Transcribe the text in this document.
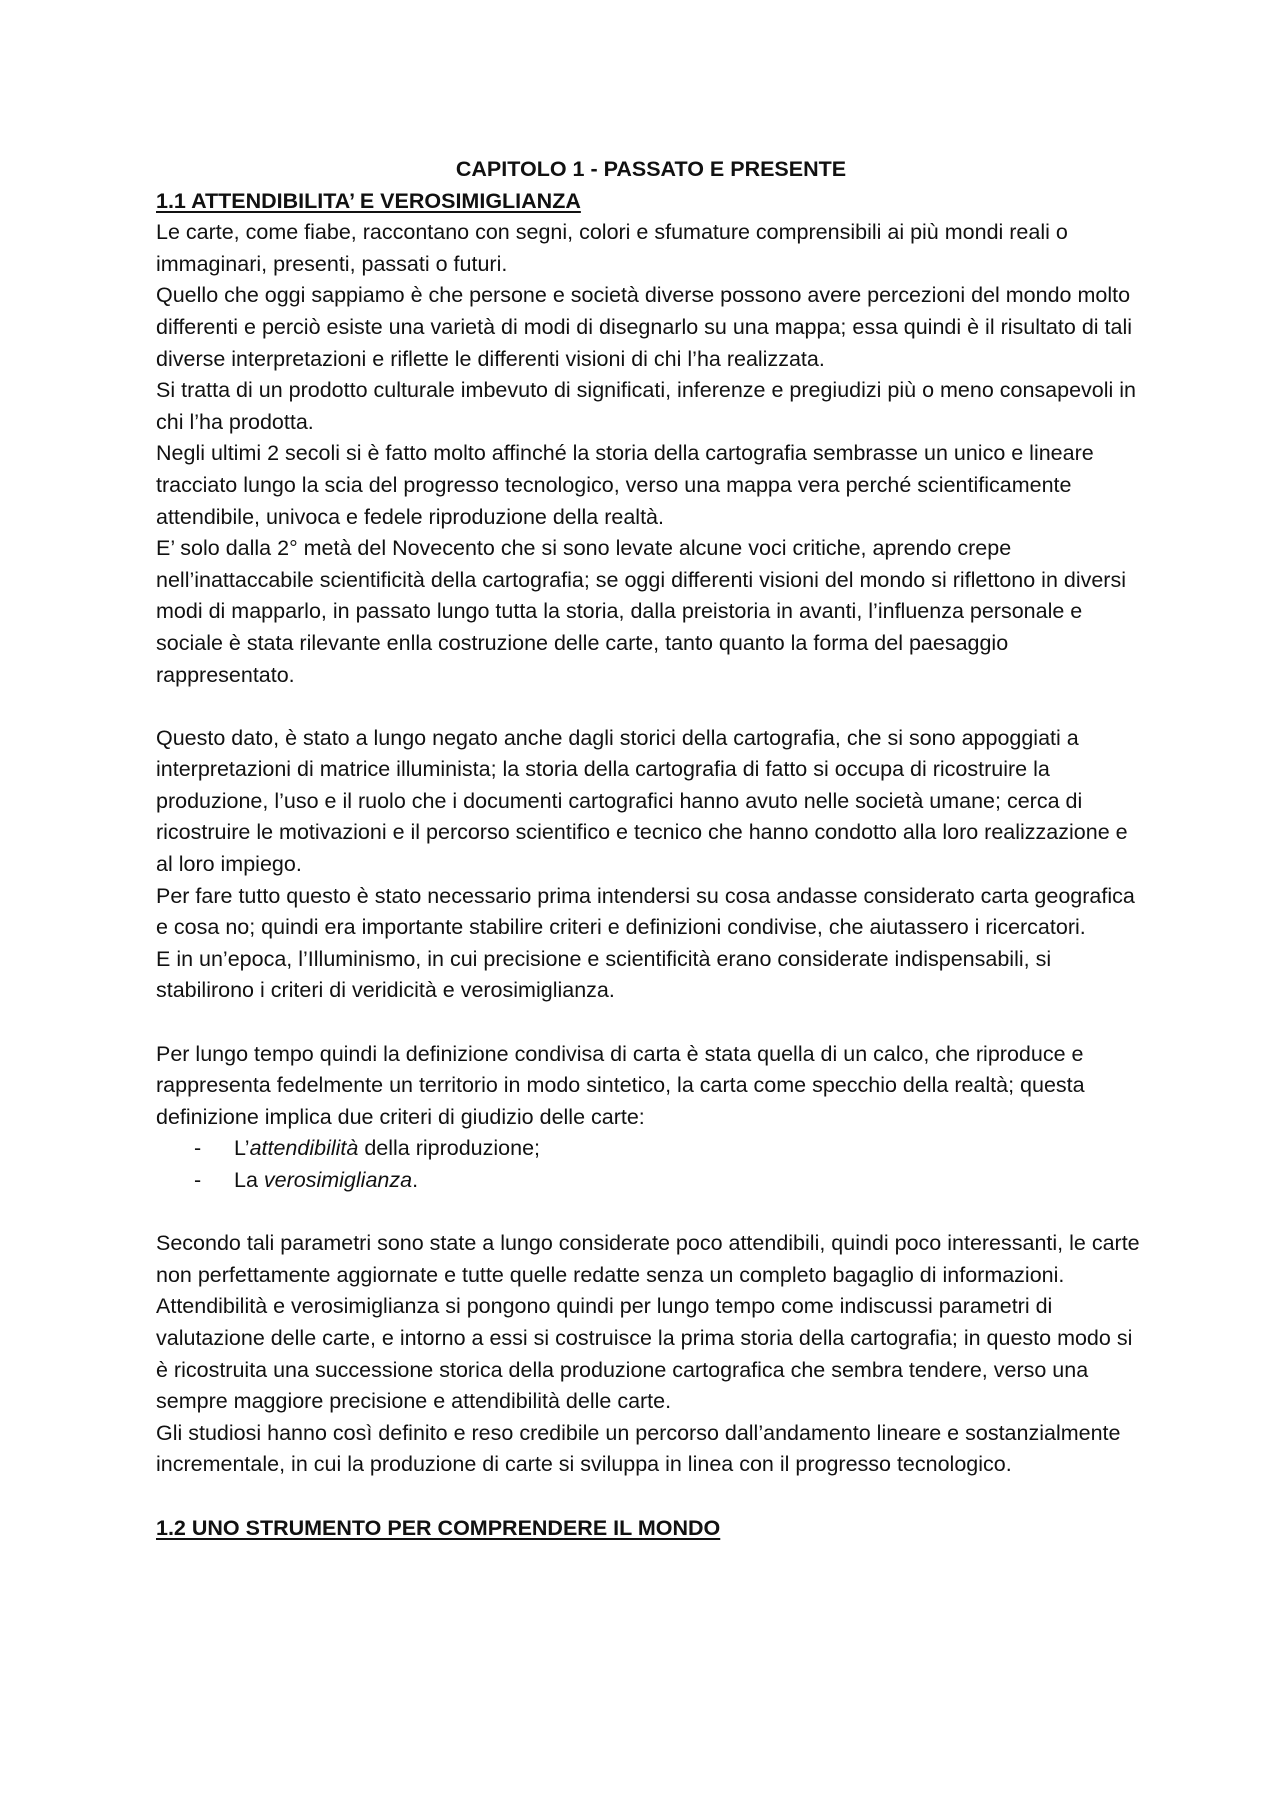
CAPITOLO 1 - PASSATO E PRESENTE

1.1 ATTENDIBILITA’ E VEROSIMIGLIANZA

Le carte, come fiabe, raccontano con segni, colori e sfumature comprensibili ai più mondi reali o immaginari, presenti, passati o futuri.

Quello che oggi sappiamo è che persone e società diverse possono avere percezioni del mondo molto differenti e perciò esiste una varietà di modi di disegnarlo su una mappa; essa quindi è il risultato di tali diverse interpretazioni e riflette le differenti visioni di chi l’ha realizzata.

Si tratta di un prodotto culturale imbevuto di significati, inferenze e pregiudizi più o meno consapevoli in chi l’ha prodotta.

Negli ultimi 2 secoli si è fatto molto affinché la storia della cartografia sembrasse un unico e lineare tracciato lungo la scia del progresso tecnologico, verso una mappa vera perché scientificamente attendibile, univoca e fedele riproduzione della realtà.

E’ solo dalla 2° metà del Novecento che si sono levate alcune voci critiche, aprendo crepe nell’inattaccabile scientificità della cartografia; se oggi differenti visioni del mondo si riflettono in diversi modi di mapparlo, in passato lungo tutta la storia, dalla preistoria in avanti, l’influenza personale e sociale è stata rilevante enlla costruzione delle carte, tanto quanto la forma del paesaggio rappresentato.

Questo dato, è stato a lungo negato anche dagli storici della cartografia, che si sono appoggiati a interpretazioni di matrice illuminista; la storia della cartografia di fatto si occupa di ricostruire la produzione, l’uso e il ruolo che i documenti cartografici hanno avuto nelle società umane; cerca di ricostruire le motivazioni e il percorso scientifico e tecnico che hanno condotto alla loro realizzazione e al loro impiego.

Per fare tutto questo è stato necessario prima intendersi su cosa andasse considerato carta geografica e cosa no; quindi era importante stabilire criteri e definizioni condivise, che aiutassero i ricercatori.

E in un’epoca, l’Illuminismo, in cui precisione e scientificità erano considerate indispensabili, si stabilirono i criteri di veridicità e verosimiglianza.

Per lungo tempo quindi la definizione condivisa di carta è stata quella di un calco, che riproduce e rappresenta fedelmente un territorio in modo sintetico, la carta come specchio della realtà; questa definizione implica due criteri di giudizio delle carte:

- L’attendibilità della riproduzione;
- La verosimiglianza.

Secondo tali parametri sono state a lungo considerate poco attendibili, quindi poco interessanti, le carte non perfettamente aggiornate e tutte quelle redatte senza un completo bagaglio di informazioni.

Attendibilità e verosimiglianza si pongono quindi per lungo tempo come indiscussi parametri di valutazione delle carte, e intorno a essi si costruisce la prima storia della cartografia; in questo modo si è ricostruita una successione storica della produzione cartografica che sembra tendere, verso una sempre maggiore precisione e attendibilità delle carte.

Gli studiosi hanno così definito e reso credibile un percorso dall’andamento lineare e sostanzialmente incrementale, in cui la produzione di carte si sviluppa in linea con il progresso tecnologico.

1.2 UNO STRUMENTO PER COMPRENDERE IL MONDO
